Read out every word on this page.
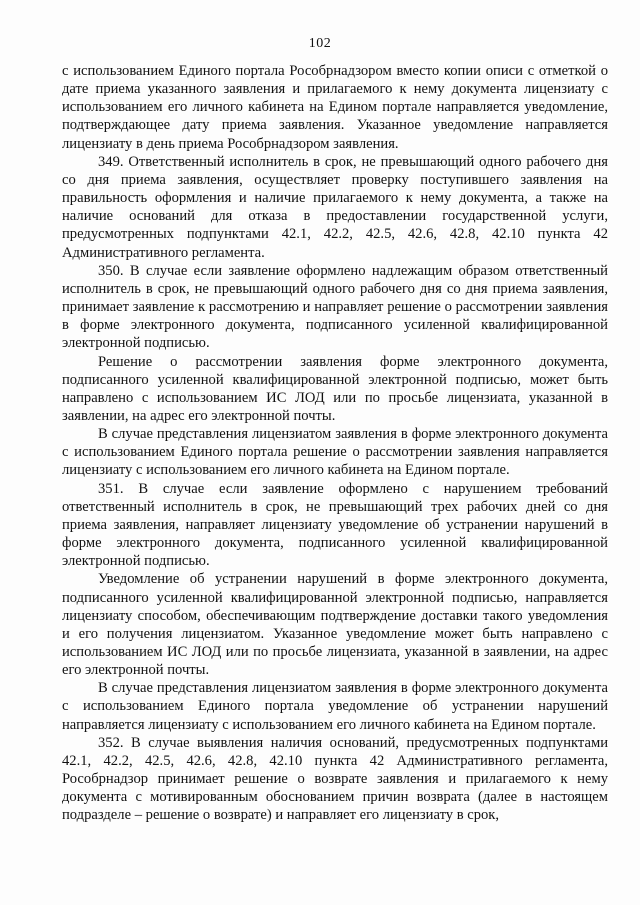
102

с использованием Единого портала Рособрнадзором вместо копии описи с отметкой о дате приема указанного заявления и прилагаемого к нему документа лицензиату с использованием его личного кабинета на Едином портале направляется уведомление, подтверждающее дату приема заявления. Указанное уведомление направляется лицензиату в день приема Рособрнадзором заявления.

349. Ответственный исполнитель в срок, не превышающий одного рабочего дня со дня приема заявления, осуществляет проверку поступившего заявления на правильность оформления и наличие прилагаемого к нему документа, а также на наличие оснований для отказа в предоставлении государственной услуги, предусмотренных подпунктами 42.1, 42.2, 42.5, 42.6, 42.8, 42.10 пункта 42 Административного регламента.

350. В случае если заявление оформлено надлежащим образом ответственный исполнитель в срок, не превышающий одного рабочего дня со дня приема заявления, принимает заявление к рассмотрению и направляет решение о рассмотрении заявления в форме электронного документа, подписанного усиленной квалифицированной электронной подписью.

Решение о рассмотрении заявления форме электронного документа, подписанного усиленной квалифицированной электронной подписью, может быть направлено с использованием ИС ЛОД или по просьбе лицензиата, указанной в заявлении, на адрес его электронной почты.

В случае представления лицензиатом заявления в форме электронного документа с использованием Единого портала решение о рассмотрении заявления направляется лицензиату с использованием его личного кабинета на Едином портале.

351. В случае если заявление оформлено с нарушением требований ответственный исполнитель в срок, не превышающий трех рабочих дней со дня приема заявления, направляет лицензиату уведомление об устранении нарушений в форме электронного документа, подписанного усиленной квалифицированной электронной подписью.

Уведомление об устранении нарушений в форме электронного документа, подписанного усиленной квалифицированной электронной подписью, направляется лицензиату способом, обеспечивающим подтверждение доставки такого уведомления и его получения лицензиатом. Указанное уведомление может быть направлено с использованием ИС ЛОД или по просьбе лицензиата, указанной в заявлении, на адрес его электронной почты.

В случае представления лицензиатом заявления в форме электронного документа с использованием Единого портала уведомление об устранении нарушений направляется лицензиату с использованием его личного кабинета на Едином портале.

352. В случае выявления наличия оснований, предусмотренных подпунктами 42.1, 42.2, 42.5, 42.6, 42.8, 42.10 пункта 42 Административного регламента, Рособрнадзор принимает решение о возврате заявления и прилагаемого к нему документа с мотивированным обоснованием причин возврата (далее в настоящем подразделе – решение о возврате) и направляет его лицензиату в срок,
